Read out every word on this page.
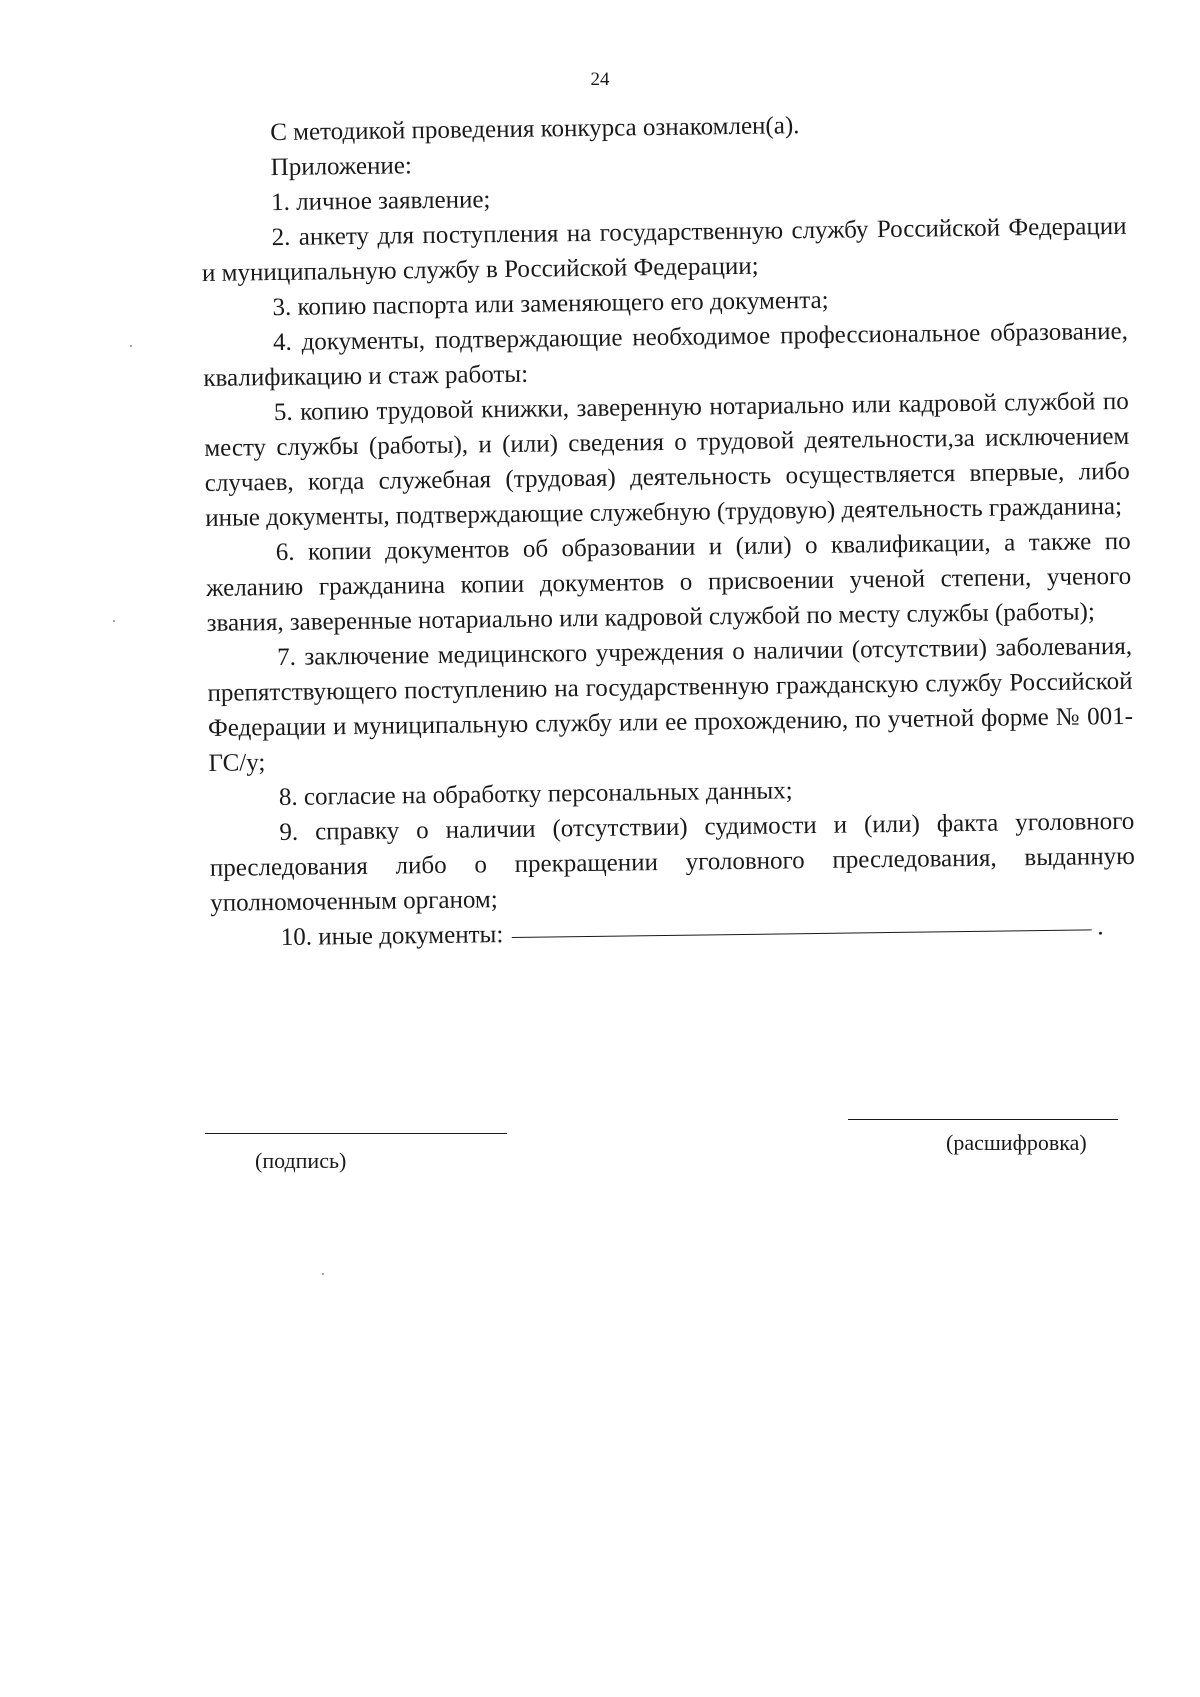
24

С методикой проведения конкурса ознакомлен(а).

Приложение:

1. личное заявление;

2. анкету для поступления на государственную службу Российской Федерации и муниципальную службу в Российской Федерации;

3. копию паспорта или заменяющего его документа;

4. документы, подтверждающие необходимое профессиональное образование, квалификацию и стаж работы:

5. копию трудовой книжки, заверенную нотариально или кадровой службой по месту службы (работы), и (или) сведения о трудовой деятельности,за исключением случаев, когда служебная (трудовая) деятельность осуществляется впервые, либо иные документы, подтверждающие служебную (трудовую) деятельность гражданина;

6. копии документов об образовании и (или) о квалификации, а также по желанию гражданина копии документов о присвоении ученой степени, ученого звания, заверенные нотариально или кадровой службой по месту службы (работы);

7. заключение медицинского учреждения о наличии (отсутствии) заболевания, препятствующего поступлению на государственную гражданскую службу Российской Федерации и муниципальную службу или ее прохождению, по учетной форме № 001-ГС/у;

8. согласие на обработку персональных данных;

9. справку о наличии (отсутствии) судимости и (или) факта уголовного преследования либо о прекращении уголовного преследования, выданную уполномоченным органом;

10. иные документы:	.
(подпись)
(расшифровка)
